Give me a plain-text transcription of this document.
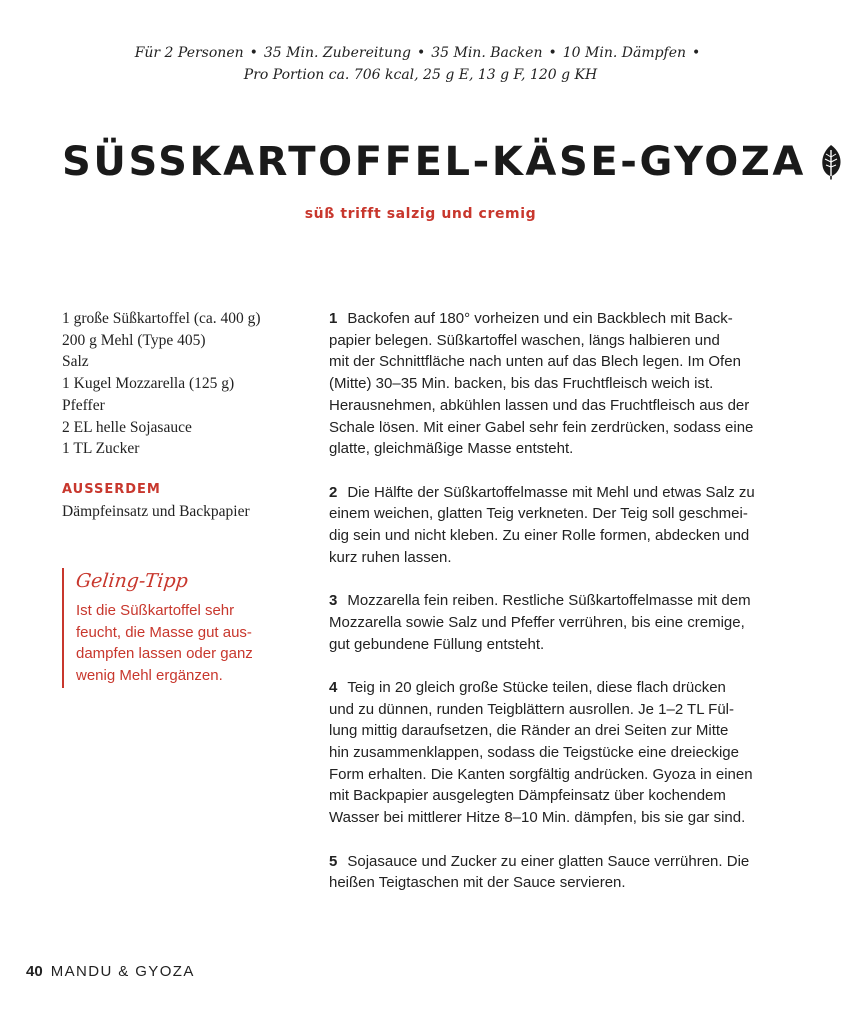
Für 2 Personen • 35 Min. Zubereitung • 35 Min. Backen • 10 Min. Dämpfen •
Pro Portion ca. 706 kcal, 25 g E, 13 g F, 120 g KH
SÜSSKARTOFFEL-KÄSE-GYOZA
süß trifft salzig und cremig
1 große Süßkartoffel (ca. 400 g)
200 g Mehl (Type 405)
Salz
1 Kugel Mozzarella (125 g)
Pfeffer
2 EL helle Sojasauce
1 TL Zucker
AUSSERDEM
Dämpfeinsatz und Backpapier
Geling-Tipp
Ist die Süßkartoffel sehr
feucht, die Masse gut aus-
dampfen lassen oder ganz
wenig Mehl ergänzen.
1 Backofen auf 180° vorheizen und ein Backblech mit Back-
papier belegen. Süßkartoffel waschen, längs halbieren und
mit der Schnittfläche nach unten auf das Blech legen. Im Ofen
(Mitte) 30–35 Min. backen, bis das Fruchtfleisch weich ist.
Herausnehmen, abkühlen lassen und das Fruchtfleisch aus der
Schale lösen. Mit einer Gabel sehr fein zerdrücken, sodass eine
glatte, gleichmäßige Masse entsteht.
2 Die Hälfte der Süßkartoffelmasse mit Mehl und etwas Salz zu
einem weichen, glatten Teig verkneten. Der Teig soll geschmei-
dig sein und nicht kleben. Zu einer Rolle formen, abdecken und
kurz ruhen lassen.
3 Mozzarella fein reiben. Restliche Süßkartoffelmasse mit dem
Mozzarella sowie Salz und Pfeffer verrühren, bis eine cremige,
gut gebundene Füllung entsteht.
4 Teig in 20 gleich große Stücke teilen, diese flach drücken
und zu dünnen, runden Teigblättern ausrollen. Je 1–2 TL Fül-
lung mittig daraufsetzen, die Ränder an drei Seiten zur Mitte
hin zusammenklappen, sodass die Teigstücke eine dreieckige
Form erhalten. Die Kanten sorgfältig andrücken. Gyoza in einen
mit Backpapier ausgelegten Dämpfeinsatz über kochendem
Wasser bei mittlerer Hitze 8–10 Min. dämpfen, bis sie gar sind.
5 Sojasauce und Zucker zu einer glatten Sauce verrühren. Die
heißen Teigtaschen mit der Sauce servieren.
40 MANDU & GYOZA
